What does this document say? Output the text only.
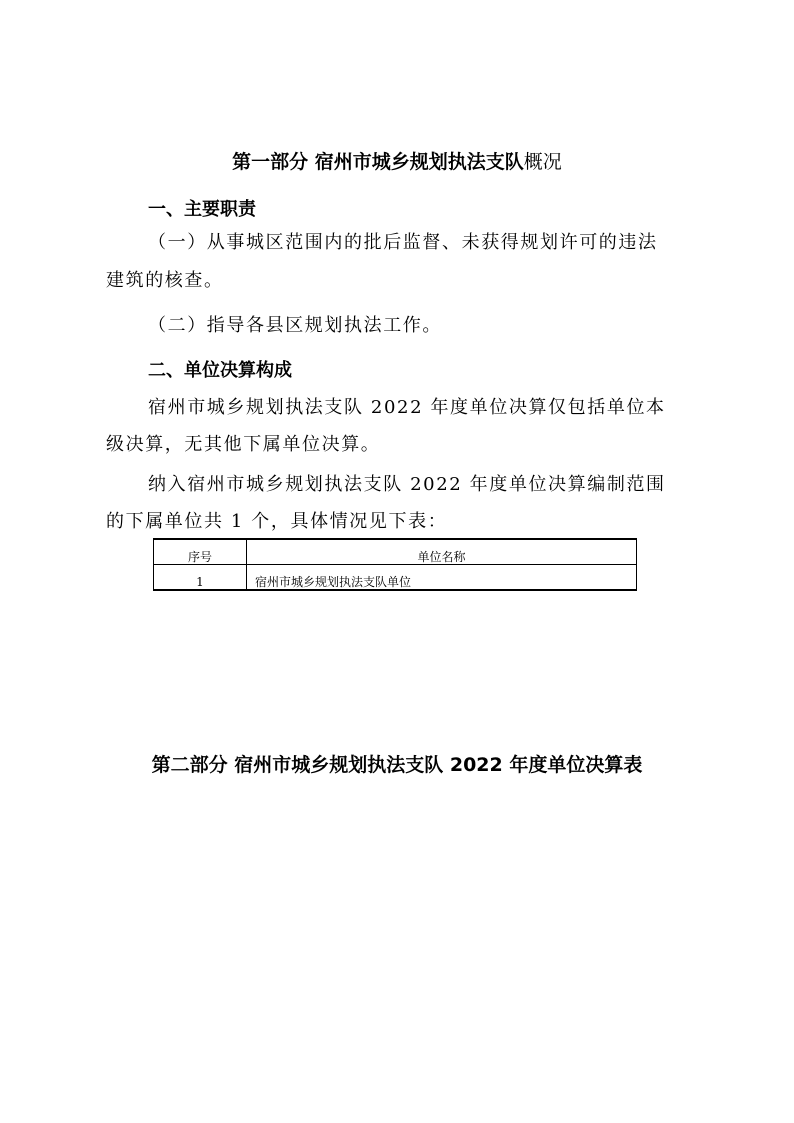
第一部分 宿州市城乡规划执法支队概况
一、主要职责
（一）从事城区范围内的批后监督、未获得规划许可的违法
建筑的核查。
（二）指导各县区规划执法工作。
二、单位决算构成
宿州市城乡规划执法支队 2022 年度单位决算仅包括单位本
级决算，无其他下属单位决算。
纳入宿州市城乡规划执法支队 2022 年度单位决算编制范围
的下属单位共 1 个，具体情况见下表：
序号	单位名称
1	宿州市城乡规划执法支队单位
第二部分 宿州市城乡规划执法支队 2022 年度单位决算表
